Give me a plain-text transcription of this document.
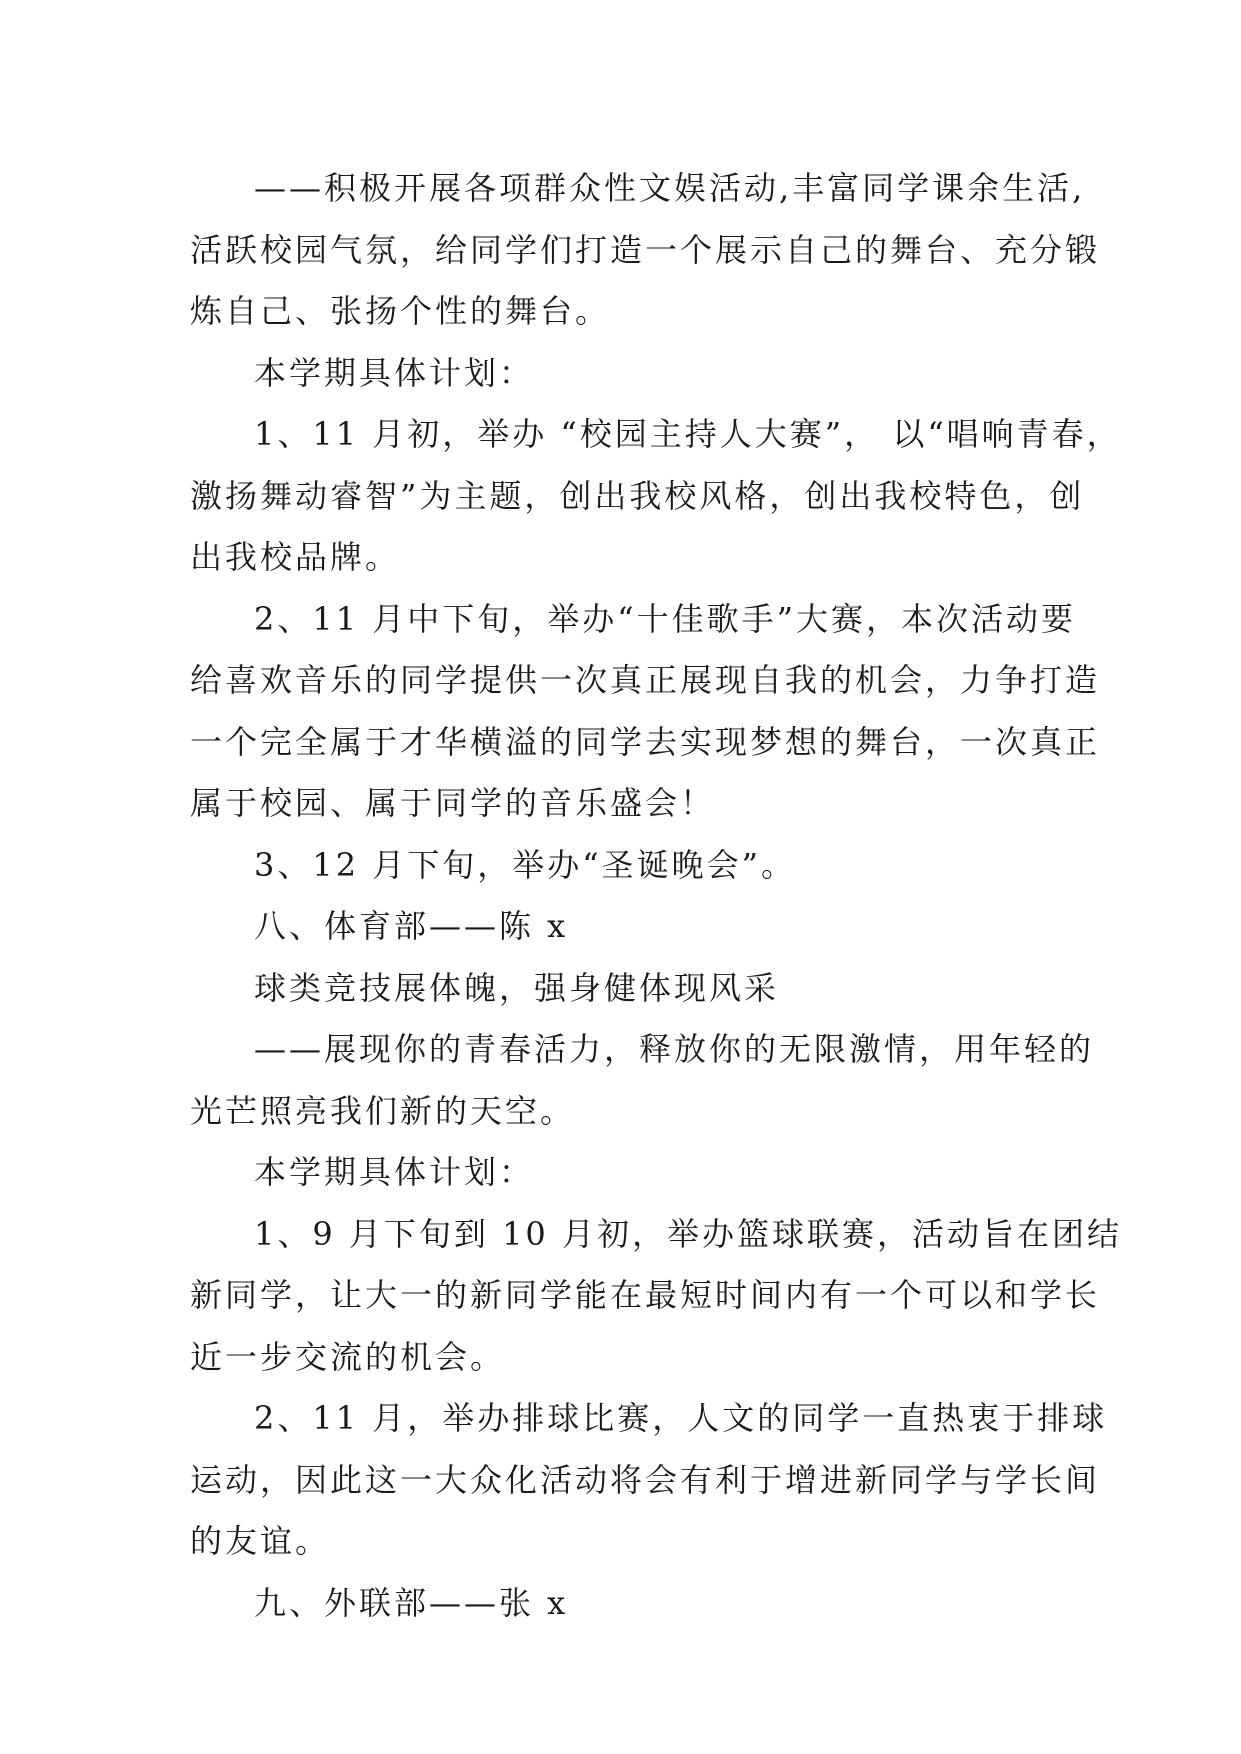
——积极开展各项群众性文娱活动,丰富同学课余生活,
活跃校园气氛，给同学们打造一个展示自己的舞台、充分锻
炼自己、张扬个性的舞台。
本学期具体计划：
1、11 月初，举办 “校园主持人大赛”， 以“唱响青春，
激扬舞动睿智”为主题，创出我校风格，创出我校特色，创
出我校品牌。
2、11 月中下旬，举办“十佳歌手”大赛，本次活动要
给喜欢音乐的同学提供一次真正展现自我的机会，力争打造
一个完全属于才华横溢的同学去实现梦想的舞台，一次真正
属于校园、属于同学的音乐盛会！
3、12 月下旬，举办“圣诞晚会”。
八、体育部——陈 x
球类竞技展体魄，强身健体现风采
——展现你的青春活力，释放你的无限激情，用年轻的
光芒照亮我们新的天空。
本学期具体计划：
1、9 月下旬到 10 月初，举办篮球联赛，活动旨在团结
新同学，让大一的新同学能在最短时间内有一个可以和学长
近一步交流的机会。
2、11 月，举办排球比赛，人文的同学一直热衷于排球
运动，因此这一大众化活动将会有利于增进新同学与学长间
的友谊。
九、外联部——张 x
